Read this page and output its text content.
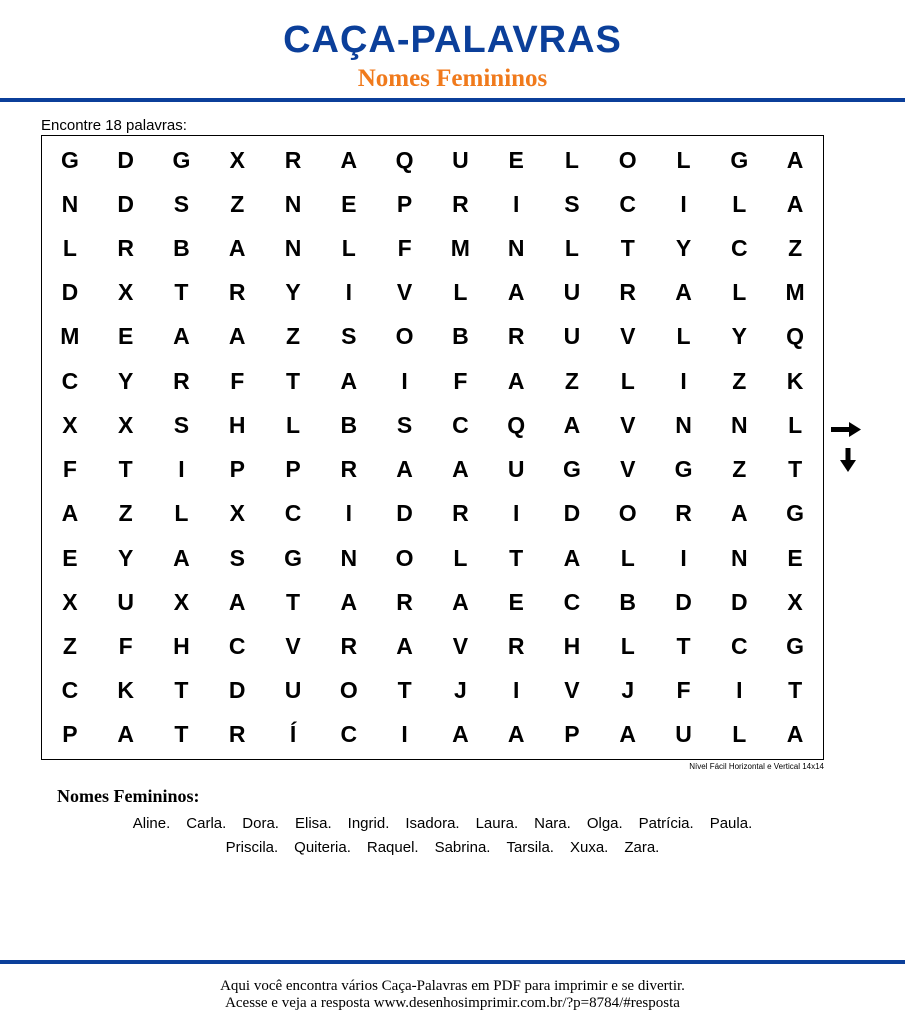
CAÇA-PALAVRAS
Nomes Femininos
Encontre 18 palavras:
G	D	G	X	R	A	Q	U	E	L	O	L	G	A
N	D	S	Z	N	E	P	R	I	S	C	I	L	A
L	R	B	A	N	L	F	M	N	L	T	Y	C	Z
D	X	T	R	Y	I	V	L	A	U	R	A	L	M
M	E	A	A	Z	S	O	B	R	U	V	L	Y	Q
C	Y	R	F	T	A	I	F	A	Z	L	I	Z	K
X	X	S	H	L	B	S	C	Q	A	V	N	N	L
F	T	I	P	P	R	A	A	U	G	V	G	Z	T
A	Z	L	X	C	I	D	R	I	D	O	R	A	G
E	Y	A	S	G	N	O	L	T	A	L	I	N	E
X	U	X	A	T	A	R	A	E	C	B	D	D	X
Z	F	H	C	V	R	A	V	R	H	L	T	C	G
C	K	T	D	U	O	T	J	I	V	J	F	I	T
P	A	T	R	Í	C	I	A	A	P	A	U	L	A
Nível Fácil Horizontal e Vertical 14x14
Nomes Femininos:
Aline. Carla. Dora. Elisa. Ingrid. Isadora. Laura. Nara. Olga. Patrícia. Paula.
Priscila. Quiteria. Raquel. Sabrina. Tarsila. Xuxa. Zara.
Aqui você encontra vários Caça-Palavras em PDF para imprimir e se divertir.
Acesse e veja a resposta www.desenhosimprimir.com.br/?p=8784/#resposta
